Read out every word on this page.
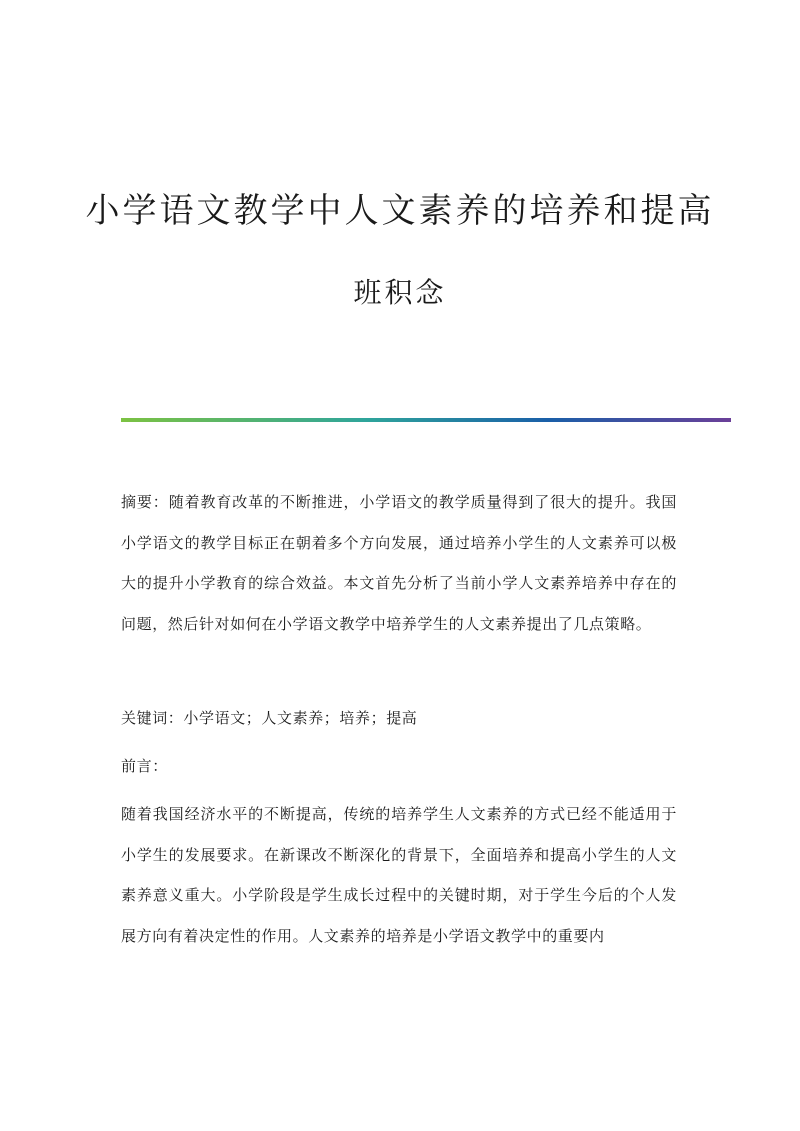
小学语文教学中人文素养的培养和提高
班积念

摘要：随着教育改革的不断推进，小学语文的教学质量得到了很大的提升。我国小学语文的教学目标正在朝着多个方向发展，通过培养小学生的人文素养可以极大的提升小学教育的综合效益。本文首先分析了当前小学人文素养培养中存在的问题，然后针对如何在小学语文教学中培养学生的人文素养提出了几点策略。

关键词：小学语文；人文素养；培养；提高

前言：

随着我国经济水平的不断提高，传统的培养学生人文素养的方式已经不能适用于小学生的发展要求。在新课改不断深化的背景下，全面培养和提高小学生的人文素养意义重大。小学阶段是学生成长过程中的关键时期，对于学生今后的个人发展方向有着决定性的作用。人文素养的培养是小学语文教学中的重要内
